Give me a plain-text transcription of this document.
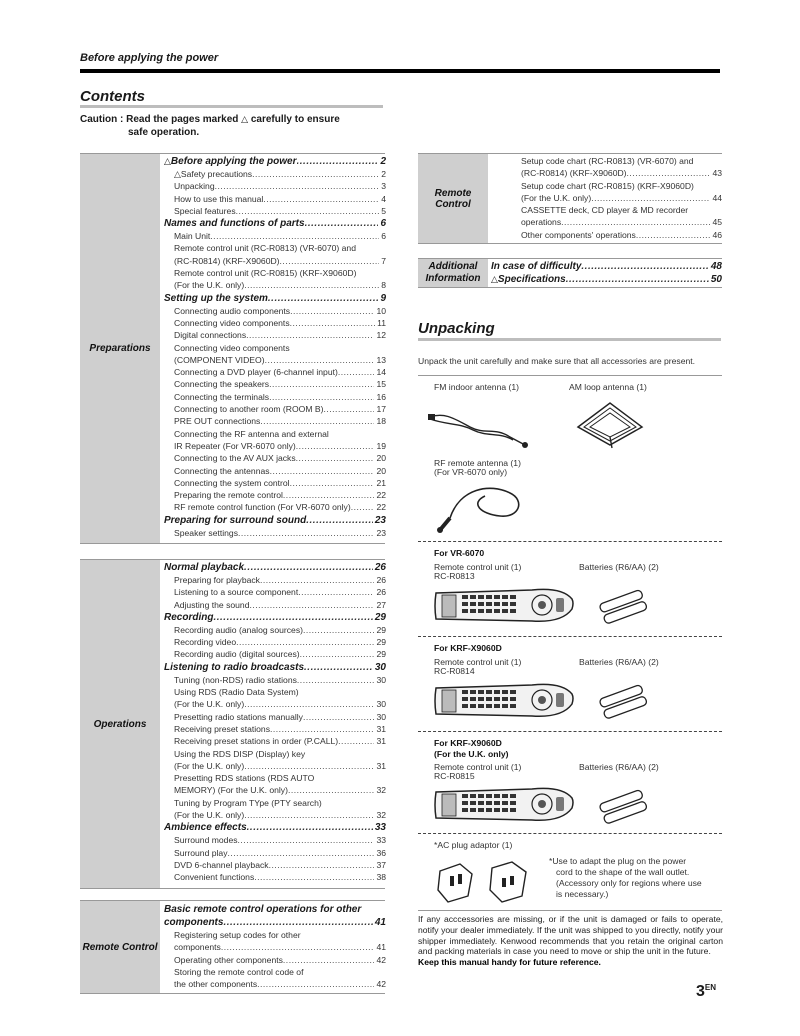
Before applying the power
Contents
Caution : Read the pages marked △ carefully to ensure
safe operation.
Preparations
△ Before applying the power .....	2
△ Safety precautions .....	2
Unpacking .....	3
How to use this manual .....	4
Special features .....	5
Names and functions of parts .....	6
Main Unit .....	6
Remote control unit (RC-R0813) (VR-6070) and
(RC-R0814) (KRF-X9060D) .....	7
Remote control unit (RC-R0815) (KRF-X9060D)
(For the U.K. only) .....	8
Setting up the system .....	9
Connecting audio components .....	10
Connecting video components .....	11
Digital connections .....	12
Connecting video components
(COMPONENT VIDEO) .....	13
Connecting a DVD player (6-channel input) .....	14
Connecting the speakers .....	15
Connecting the terminals .....	16
Connecting to another room (ROOM B) .....	17
PRE OUT connections .....	18
Connecting the RF antenna and external
IR Repeater (For VR-6070 only) .....	19
Connecting to the AV AUX jacks .....	20
Connecting the antennas .....	20
Connecting the system control .....	21
Preparing the remote control .....	22
RF remote control function (For VR-6070 only) .....	22
Preparing for surround sound .....	23
Speaker settings .....	23
Operations
Normal playback .....	26
Preparing for playback .....	26
Listening to a source component .....	26
Adjusting the sound .....	27
Recording .....	29
Recording audio (analog sources) .....	29
Recording video .....	29
Recording audio (digital sources) .....	29
Listening to radio broadcasts .....	30
Tuning (non-RDS) radio stations .....	30
Using RDS (Radio Data System)
(For the U.K. only) .....	30
Presetting radio stations manually .....	30
Receiving preset stations .....	31
Receiving preset stations in order (P.CALL) .....	31
Using the RDS DISP (Display) key
(For the U.K. only) .....	31
Presetting RDS stations (RDS AUTO
MEMORY) (For the U.K. only) .....	32
Tuning by Program TYpe (PTY search)
(For the U.K. only) .....	32
Ambience effects .....	33
Surround modes .....	33
Surround play .....	36
DVD 6-channel playback .....	37
Convenient functions .....	38
Remote Control
Basic remote control operations for other
components .....	41
Registering setup codes for other
components .....	41
Operating other components .....	42
Storing the remote control code of
the other components .....	42
Remote Control
Setup code chart (RC-R0813) (VR-6070) and
(RC-R0814) (KRF-X9060D) .....	43
Setup code chart (RC-R0815) (KRF-X9060D)
(For the U.K. only) .....	44
CASSETTE deck, CD player & MD recorder
operations .....	45
Other components' operations .....	46
Additional
Information
In case of difficulty .....	48
△ Specifications .....	50
Unpacking
Unpack the unit carefully and make sure that all accessories are present.
FM indoor antenna (1)	AM loop antenna (1)
RF remote antenna (1)
(For VR-6070 only)
For VR-6070
Remote control unit (1)	Batteries (R6/AA) (2)
RC-R0813
For KRF-X9060D
Remote control unit (1)	Batteries (R6/AA) (2)
RC-R0814
For KRF-X9060D
(For the U.K. only)
Remote control unit (1)	Batteries (R6/AA) (2)
RC-R0815
*AC plug adaptor (1)
*Use to adapt the plug on the power
cord to the shape of the wall outlet.
(Accessory only for regions where use
is necessary.)
If any acccessories are missing, or if the unit is damaged or fails to operate, notify your dealer immediately. If the unit was shipped to you directly, notify your shipper immediately. Kenwood recommends that you retain the original carton and packing materials in case you need to move or ship the unit in the future.
Keep this manual handy for future reference.
$3^{EN}$
